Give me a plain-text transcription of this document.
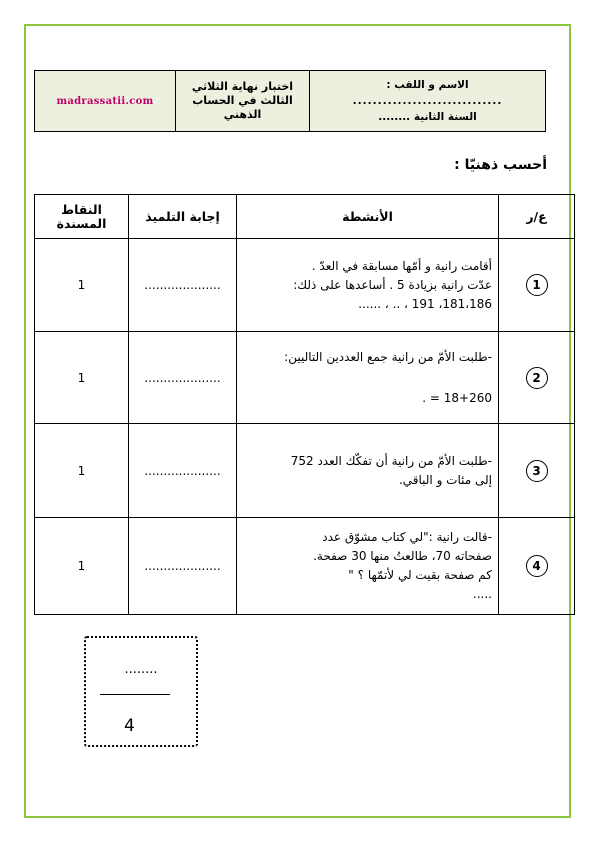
الاسم و اللقب :
..............................
السنة الثانية ........
اختبار نهاية الثلاثي الثالث في الحساب الذهني
madrassatii.com
أحسب ذهنيّا :
ع/ر	الأنشطة	إجابة التلميذ	النقاط المسندة
1	أقامت رانية و أمّها مسابقة في العدّ .
عدّت رانية بزيادة 5 . أساعدها على ذلك:
181،186، 191 ، .. ، ......	....................	1
2	-طلبت الأمّ من رانية جمع العددين التاليين:
18+260 = .	....................	1
3	-طلبت الأمّ من رانية أن تفكّك العدد 752
إلى مئات و الباقي.	....................	1
4	-قالت رانية :"لي كتاب مشوّق عدد
صفحاته 70، طالعتُ منها 30 صفحة.
كم صفحة بقيت لي لأتمّها ؟ "
.....	....................	1
........
4
